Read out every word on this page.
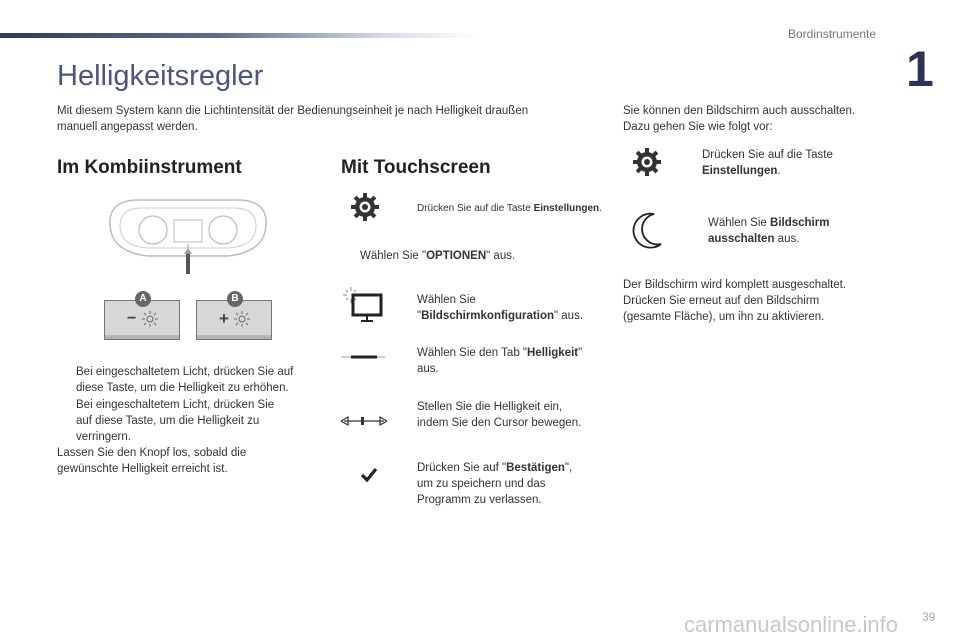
Bordinstrumente
1
Helligkeitsregler
Mit diesem System kann die Lichtintensität der Bedienungseinheit je nach Helligkeit draußen
manuell angepasst werden.
Im Kombiinstrument
A
−
B
+
Bei eingeschaltetem Licht, drücken Sie auf
diese Taste, um die Helligkeit zu erhöhen.
Bei eingeschaltetem Licht, drücken Sie
auf diese Taste, um die Helligkeit zu
verringern.
Lassen Sie den Knopf los, sobald die
gewünschte Helligkeit erreicht ist.
Mit Touchscreen
Drücken Sie auf die Taste Einstellungen.
Wählen Sie "OPTIONEN" aus.
Wählen Sie
"Bildschirmkonfiguration" aus.
Wählen Sie den Tab "Helligkeit"
aus.
Stellen Sie die Helligkeit ein,
indem Sie den Cursor bewegen.
Drücken Sie auf "Bestätigen",
um zu speichern und das
Programm zu verlassen.
Sie können den Bildschirm auch ausschalten.
Dazu gehen Sie wie folgt vor:
Drücken Sie auf die Taste
Einstellungen.
Wählen Sie Bildschirm
ausschalten aus.
Der Bildschirm wird komplett ausgeschaltet.
Drücken Sie erneut auf den Bildschirm
(gesamte Fläche), um ihn zu aktivieren.
carmanualsonline.info 39
